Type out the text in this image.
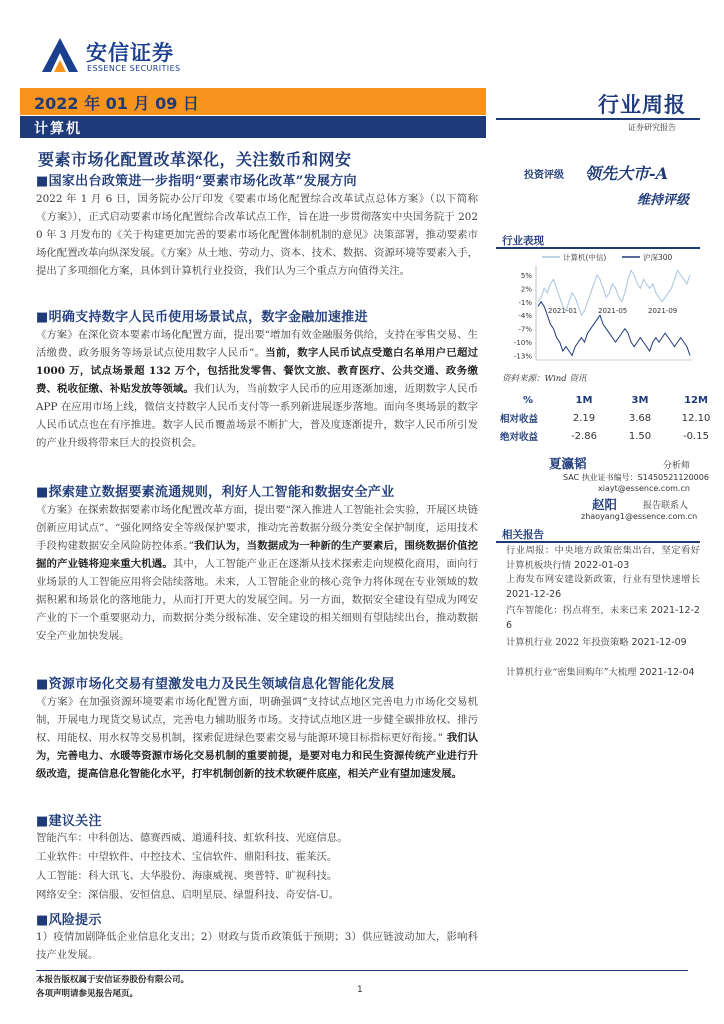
安信证券
ESSENCE SECURITIES
2022 年 01 月 09 日
计算机
行业周报
证券研究报告
要素市场化配置改革深化，关注数币和网安
投资评级 领先大市-A
维持评级
■国家出台政策进一步指明“要素市场化改革”发展方向
2022 年 1 月 6 日，国务院办公厅印发《要素市场化配置综合改革试点总体方案》（以下简称《方案》），正式启动要素市场化配置综合改革试点工作，旨在进一步贯彻落实中央国务院于 2020 年 3 月发布的《关于构建更加完善的要素市场化配置体制机制的意见》决策部署，推动要素市场化配置改革向纵深发展。《方案》从土地、劳动力、资本、技术、数据、资源环境等要素入手，提出了多项细化方案，具体到计算机行业投资，我们认为三个重点方向值得关注。
■明确支持数字人民币使用场景试点，数字金融加速推进
《方案》在深化资本要素市场化配置方面，提出要“增加有效金融服务供给，支持在零售交易、生活缴费、政务服务等场景试点使用数字人民币”。当前，数字人民币试点受邀白名单用户已超过 1000 万，试点场景超 132 万个，包括批发零售、餐饮文旅、教育医疗、公共交通、政务缴费、税收征缴、补贴发放等领域。我们认为，当前数字人民币的应用逐渐加速，近期数字人民币 APP 在应用市场上线，微信支持数字人民币支付等一系列新进展逐步落地。面向冬奥场景的数字人民币试点也在有序推进。数字人民币覆盖场景不断扩大，普及度逐渐提升，数字人民币所引发的产业升级将带来巨大的投资机会。
■探索建立数据要素流通规则，利好人工智能和数据安全产业
《方案》在探索数据要素市场化配置改革方面，提出要“深入推进人工智能社会实验，开展区块链创新应用试点”、“强化网络安全等级保护要求，推动完善数据分级分类安全保护制度，运用技术手段构建数据安全风险防控体系。”我们认为，当数据成为一种新的生产要素后，围绕数据价值挖掘的产业链将迎来重大机遇。其中，人工智能产业正在逐渐从技术探索走向规模化商用，面向行业场景的人工智能应用将会陆续落地。未来，人工智能企业的核心竞争力将体现在专业领域的数据积累和场景化的落地能力，从而打开更大的发展空间。另一方面，数据安全建设有望成为网安产业的下一个重要驱动力，而数据分类分级标准、安全建设的相关细则有望陆续出台，推动数据安全产业加快发展。
■资源市场化交易有望激发电力及民生领域信息化智能化发展
《方案》在加强资源环境要素市场化配置方面，明确强调“支持试点地区完善电力市场化交易机制，开展电力现货交易试点，完善电力辅助服务市场。支持试点地区进一步健全碳排放权、排污权、用能权、用水权等交易机制，探索促进绿色要素交易与能源环境目标指标更好衔接。” 我们认为，完善电力、水暖等资源市场化交易机制的重要前提，是要对电力和民生资源传统产业进行升级改造，提高信息化智能化水平，打牢机制创新的技术软硬件底座，相关产业有望加速发展。
■建议关注
智能汽车：中科创达、德赛西威、道通科技、虹软科技、光庭信息。
工业软件：中望软件、中控技术、宝信软件、鼎阳科技、霍莱沃。
人工智能：科大讯飞、大华股份、海康威视、奥普特、旷视科技。
网络安全：深信服、安恒信息、启明星辰、绿盟科技、奇安信-U。
■风险提示
1）疫情加剧降低企业信息化支出；2）财政与货币政策低于预期；3）供应链波动加大，影响科技产业发展。
行业表现
5%
2%
-1%
-4%
-7%
-10%
-13%
2021-01	2021-05	2021-09
计算机(中信)	沪深300
资料来源：Wind 资讯
%	1M	3M	12M
相对收益	2.19	3.68	12.10
绝对收益	-2.86	1.50	-0.15
夏瀛韬	分析师
SAC 执业证书编号：S1450521120006
xiayt@essence.com.cn
赵阳	报告联系人
zhaoyang1@essence.com.cn
相关报告
行业周报：中央地方政策密集出台，坚定看好计算机板块行情 2022-01-03
上海发布网安建设新政策，行业有望快速增长 2021-12-26
汽车智能化：拐点将至，未来已来 2021-12-26
计算机行业 2022 年投资策略 2021-12-09
计算机行业“密集回购年”大梳理 2021-12-04
本报告版权属于安信证券股份有限公司。
各项声明请参见报告尾页。	1
